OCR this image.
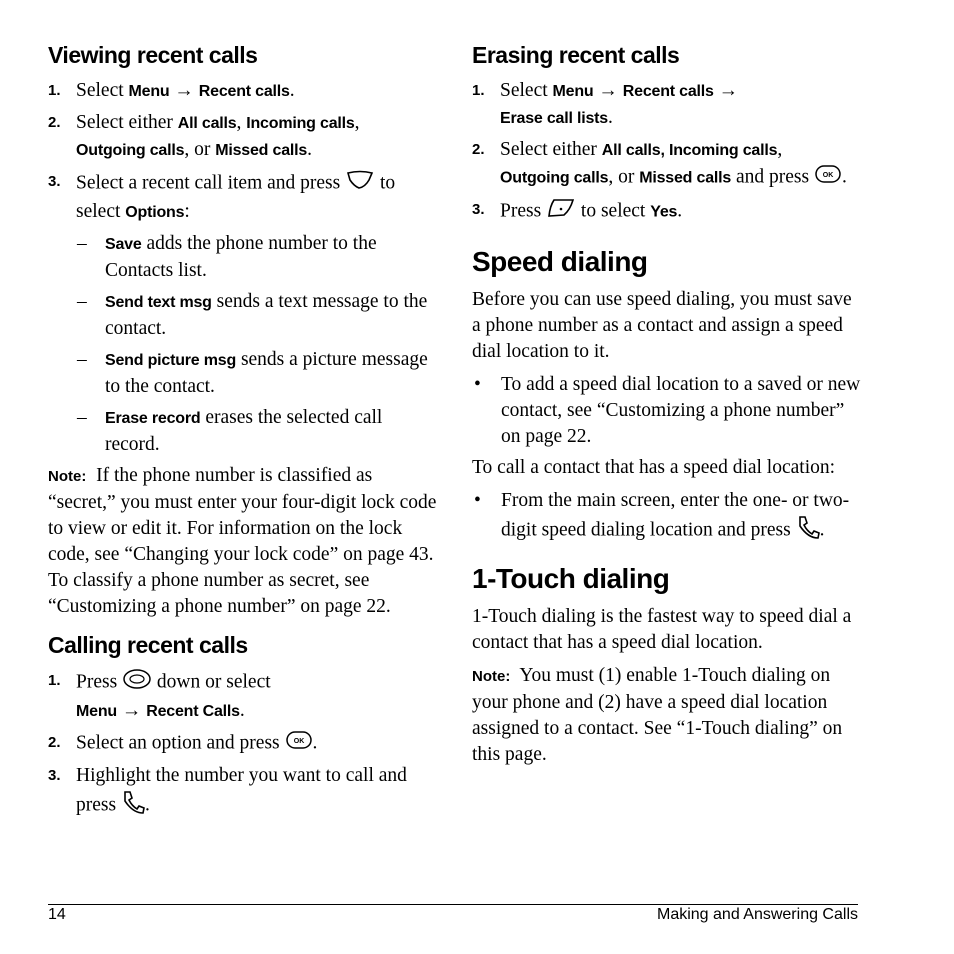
Viewing recent calls
1. Select Menu → Recent calls.
2. Select either All calls, Incoming calls,
Outgoing calls, or Missed calls.
3. Select a recent call item and press  to select Options:
– Save adds the phone number to the Contacts list.
– Send text msg sends a text message to the contact.
– Send picture msg sends a picture message to the contact.
– Erase record erases the selected call record.
Note: If the phone number is classified as “secret,” you must enter your four-digit lock code to view or edit it. For information on the lock code, see “Changing your lock code” on page 43. To classify a phone number as secret, see “Customizing a phone number” on page 22.
Calling recent calls
1. Press  down or select
Menu → Recent Calls.
2. Select an option and press OK .
3. Highlight the number you want to call and press .
Erasing recent calls
1. Select Menu → Recent calls →
Erase call lists.
2. Select either All calls, Incoming calls,
Outgoing calls, or Missed calls and press OK .
3. Press  to select Yes.
Speed dialing
Before you can use speed dialing, you must save a phone number as a contact and assign a speed dial location to it.
• To add a speed dial location to a saved or new contact, see “Customizing a phone number” on page 22.
To call a contact that has a speed dial location:
• From the main screen, enter the one- or two-digit speed dialing location and press .
1-Touch dialing
1-Touch dialing is the fastest way to speed dial a contact that has a speed dial location.
Note: You must (1) enable 1-Touch dialing on your phone and (2) have a speed dial location assigned to a contact. See “1-Touch dialing” on this page.
14	Making and Answering Calls
